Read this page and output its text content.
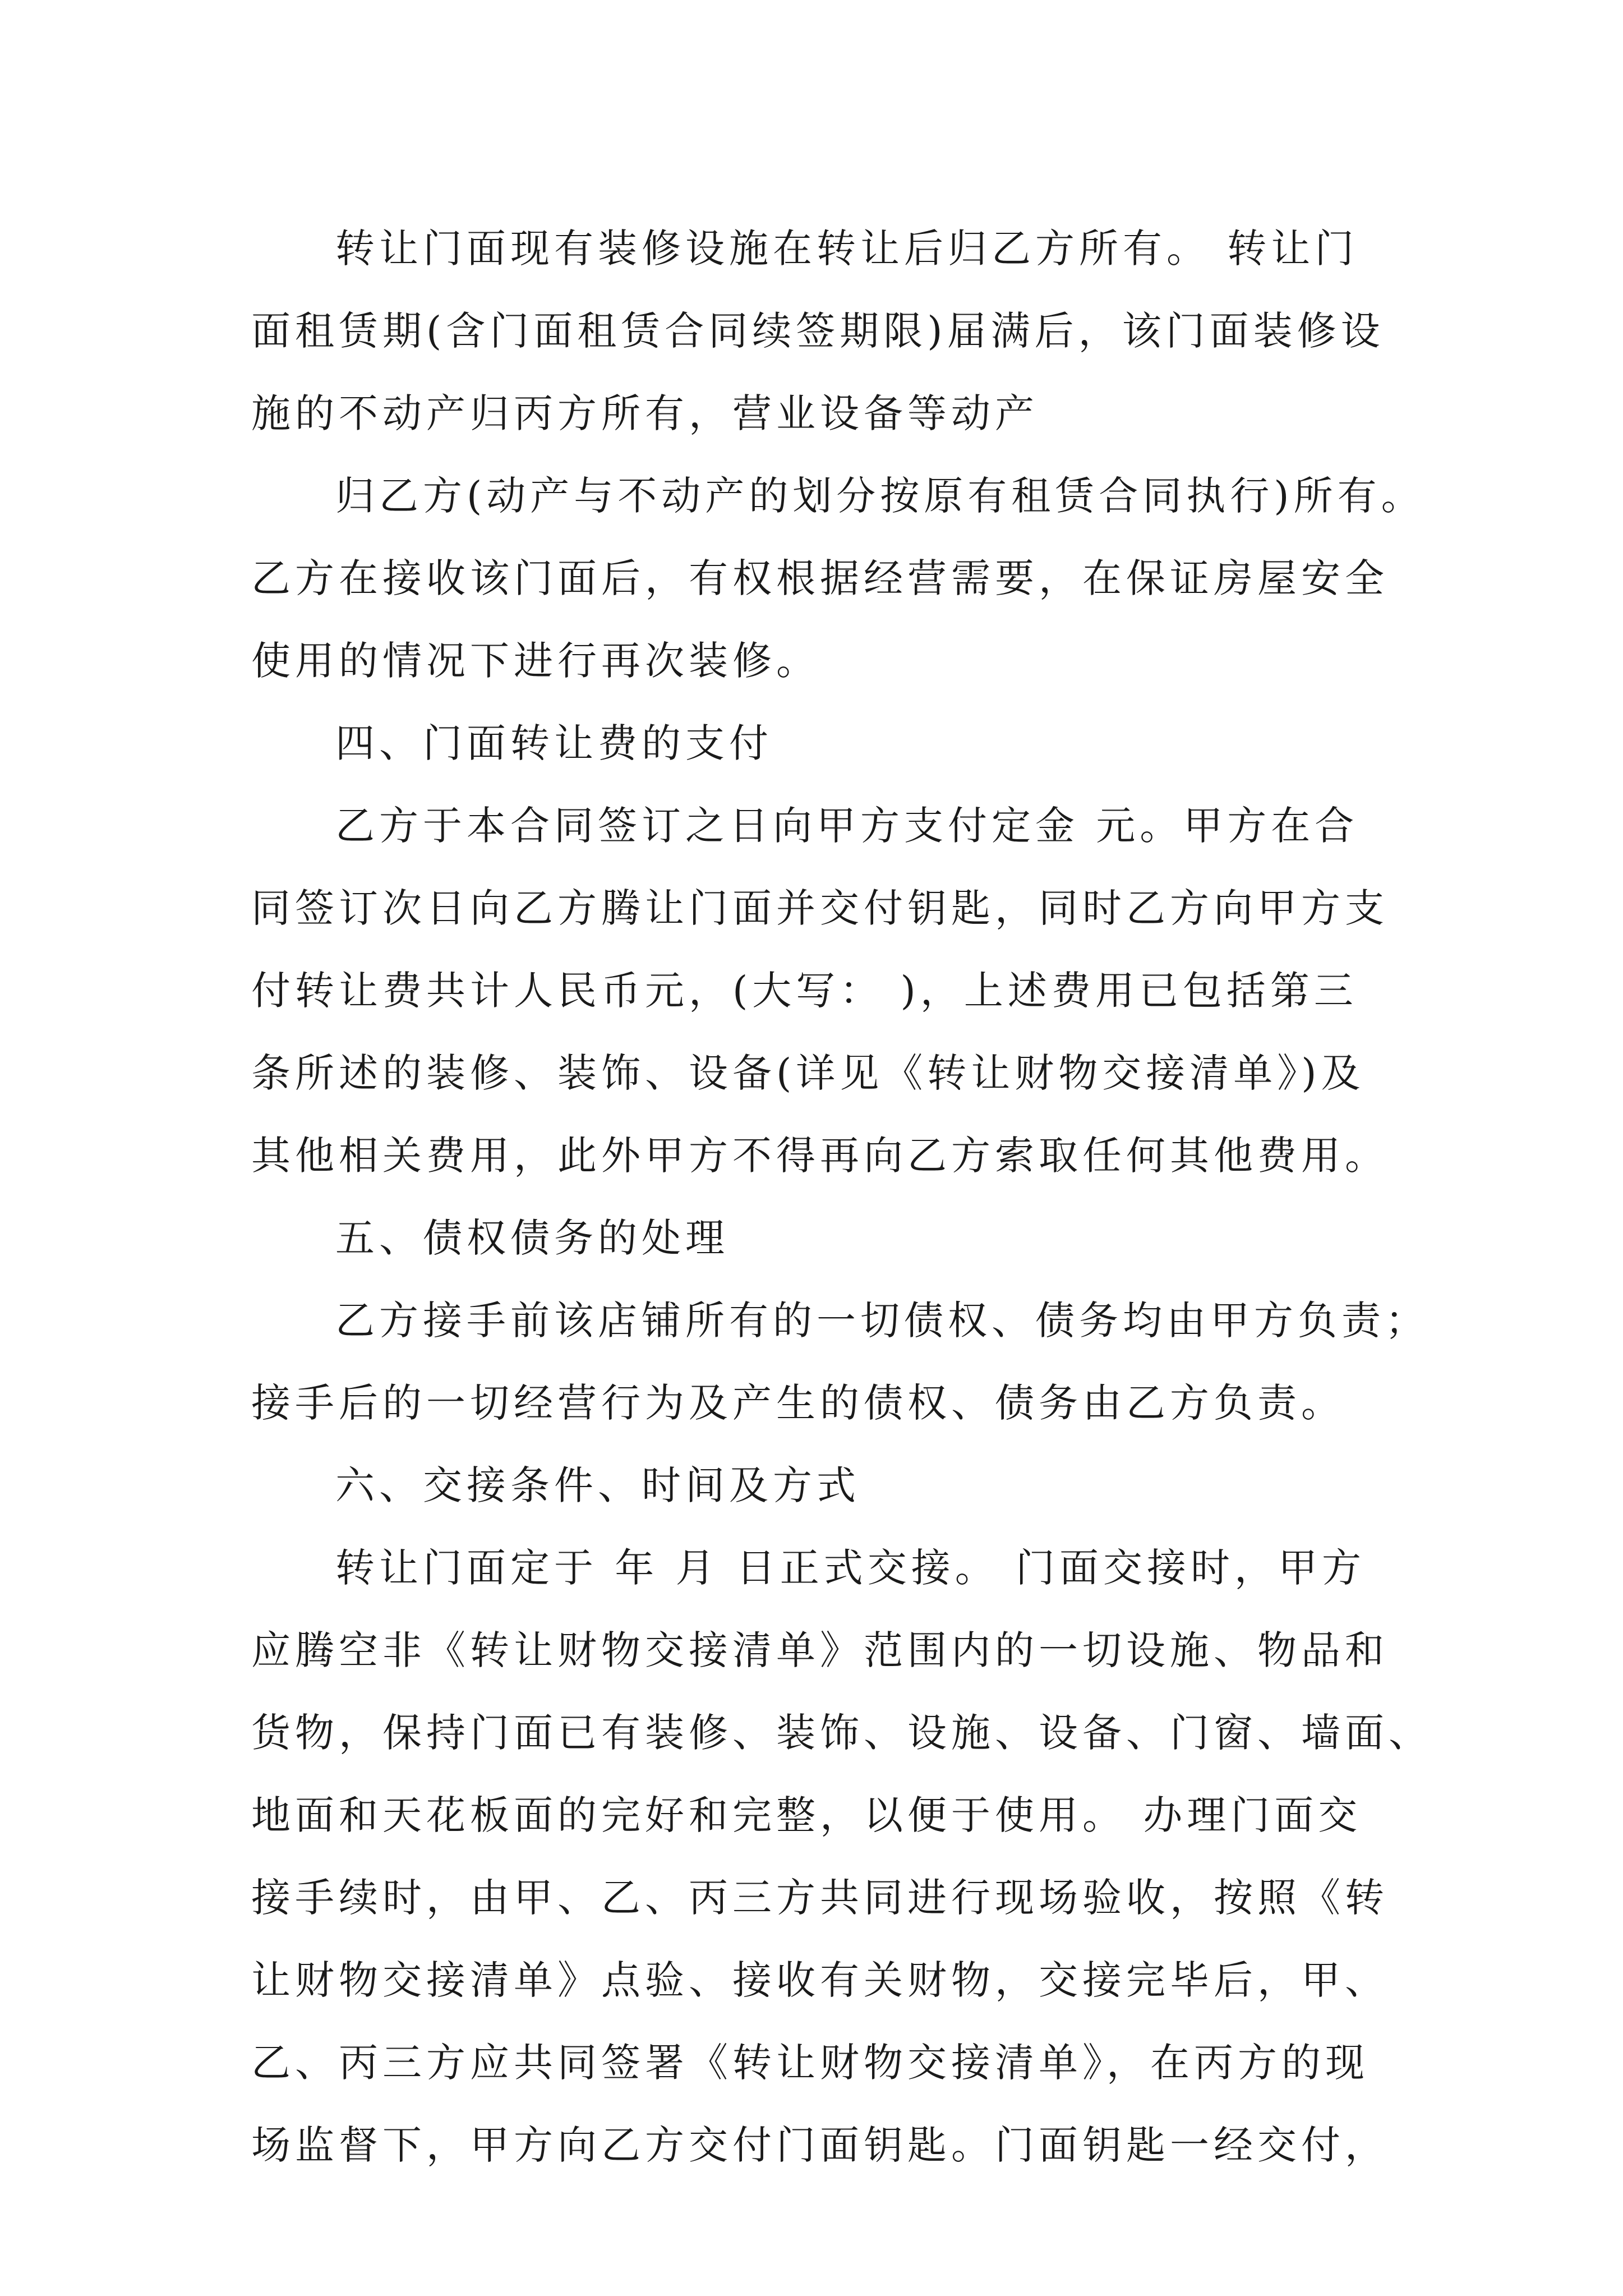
转让门面现有装修设施在转让后归乙方所有。 转让门
面租赁期(含门面租赁合同续签期限)届满后，该门面装修设
施的不动产归丙方所有，营业设备等动产
归乙方(动产与不动产的划分按原有租赁合同执行)所有。
乙方在接收该门面后，有权根据经营需要，在保证房屋安全
使用的情况下进行再次装修。
四、门面转让费的支付
乙方于本合同签订之日向甲方支付定金 元。甲方在合
同签订次日向乙方腾让门面并交付钥匙，同时乙方向甲方支
付转让费共计人民币元，(大写： )，上述费用已包括第三
条所述的装修、装饰、设备(详见《转让财物交接清单》)及
其他相关费用，此外甲方不得再向乙方索取任何其他费用。
五、债权债务的处理
乙方接手前该店铺所有的一切债权、债务均由甲方负责；
接手后的一切经营行为及产生的债权、债务由乙方负责。
六、交接条件、时间及方式
转让门面定于 年 月 日正式交接。 门面交接时，甲方
应腾空非《转让财物交接清单》范围内的一切设施、物品和
货物，保持门面已有装修、装饰、设施、设备、门窗、墙面、
地面和天花板面的完好和完整，以便于使用。 办理门面交
接手续时，由甲、乙、丙三方共同进行现场验收，按照《转
让财物交接清单》点验、接收有关财物，交接完毕后，甲、
乙、丙三方应共同签署《转让财物交接清单》，在丙方的现
场监督下，甲方向乙方交付门面钥匙。门面钥匙一经交付，
